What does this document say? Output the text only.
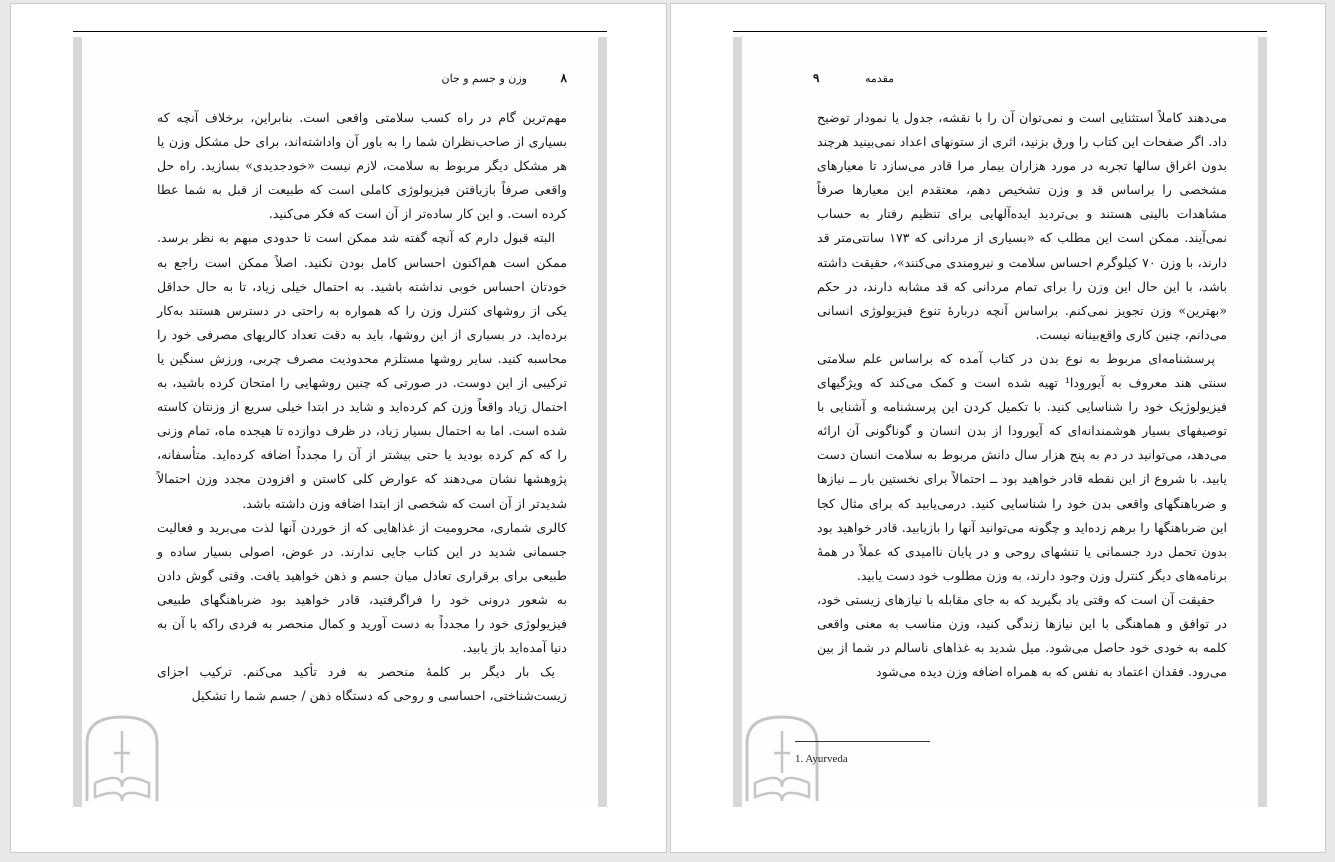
۸
وزن و جسم و جان

مهم‌ترین گام در راه کسب سلامتی واقعی است. بنابراین، برخلاف آنچه که بسیاری از صاحب‌نظران شما را به باور آن واداشته‌اند، برای حل مشکل وزن یا هر مشکل دیگر مربوط به سلامت، لازم نیست «خودجدیدی» بسازید. راه حل واقعی صرفاً بازیافتن فیزیولوژی کاملی است که طبیعت از قبل به شما عطا کرده است. و این کار ساده‌تر از آن است که فکر می‌کنید.

البته قبول دارم که آنچه گفته شد ممکن است تا حدودی مبهم به نظر برسد. ممکن است هم‌اکنون احساس کامل بودن نکنید. اصلاً ممکن است راجع به خودتان احساس خوبی نداشته باشید. به احتمال خیلی زیاد، تا به حال حداقل یکی از روشهای کنترل وزن را که همواره به راحتی در دسترس هستند به‌کار برده‌اید. در بسیاری از این روشها، باید به دقت تعداد کالریهای مصرفی خود را محاسبه کنید. سایر روشها مستلزم محدودیت مصرف چربی، ورزش سنگین یا ترکیبی از این دوست. در صورتی که چنین روشهایی را امتحان کرده باشید، به احتمال زیاد واقعاً وزن کم کرده‌اید و شاید در ابتدا خیلی سریع از وزنتان کاسته شده است. اما به احتمال بسیار زیاد، در ظرف دوازده تا هیجده ماه، تمام وزنی را که کم کرده بودید یا حتی بیشتر از آن را مجدداً اضافه کرده‌اید. متأسفانه، پژوهشها نشان می‌دهند که عوارض کلی کاستن و افزودن مجدد وزن احتمالاً شدیدتر از آن است که شخصی از ابتدا اضافه وزن داشته باشد.

کالری شماری، محرومیت از غذاهایی که از خوردن آنها لذت می‌برید و فعالیت جسمانی شدید در این کتاب جایی ندارند. در عوض، اصولی بسیار ساده و طبیعی برای برقراری تعادل میان جسم و ذهن خواهید یافت. وقتی گوش دادن به شعور درونی خود را فراگرفتید، قادر خواهید بود ضرباهنگهای طبیعی فیزیولوژی خود را مجدداً به دست آورید و کمال منحصر به فردی راکه با آن به دنیا آمده‌اید باز یابید.

یک بار دیگر بر کلمهٔ منحصر به فرد تأکید می‌کنم. ترکیب اجزای زیست‌شناختی، احساسی و روحی که دستگاه ذهن / جسم شما را تشکیل

۹	مقدمه

می‌دهند کاملاً استثنایی است و نمی‌توان آن را با نقشه، جدول یا نمودار توضیح داد. اگر صفحات این کتاب را ورق بزنید، اثری از ستونهای اعداد نمی‌بینید هرچند بدون اغراق سالها تجربه در مورد هزاران بیمار مرا قادر می‌سازد تا معیارهای مشخصی را براساس قد و وزن تشخیص دهم، معتقدم این معیارها صرفاً مشاهدات بالینی هستند و بی‌تردید ایده‌آلهایی برای تنظیم رفتار به حساب نمی‌آیند. ممکن است این مطلب که «بسیاری از مردانی که ۱۷۳ سانتی‌متر قد دارند، با وزن ۷۰ کیلوگرم احساس سلامت و نیرومندی می‌کنند»، حقیقت داشته باشد، با این حال این وزن را برای تمام مردانی که قد مشابه دارند، در حکم «بهترین» وزن تجویز نمی‌کنم. براساس آنچه دربارهٔ تنوع فیزیولوژی انسانی می‌دانم، چنین کاری واقع‌بینانه نیست.

پرسشنامه‌ای مربوط به نوع بدن در کتاب آمده که براساس علم سلامتی سنتی هند معروف به آیورودا¹ تهیه شده است و کمک می‌کند که ویژگیهای فیزیولوژیک خود را شناسایی کنید. با تکمیل کردن این پرسشنامه و آشنایی با توصیفهای بسیار هوشمندانه‌ای که آیورودا از بدن انسان و گوناگونی آن ارائه می‌دهد، می‌توانید در دم به پنج هزار سال دانش مربوط به سلامت انسان دست یابید. با شروع از این نقطه قادر خواهید بود ــ احتمالاً برای نخستین بار ــ نیازها و ضرباهنگهای واقعی بدن خود را شناسایی کنید. درمی‌یابید که برای مثال کجا این ضرباهنگها را برهم زده‌اید و چگونه می‌توانید آنها را بازیابید. قادر خواهید بود بدون تحمل درد جسمانی یا تنشهای روحی و در پایان ناامیدی که عملاً در همهٔ برنامه‌های دیگر کنترل وزن وجود دارند، به وزن مطلوب خود دست یابید.

حقیقت آن است که وقتی یاد بگیرید که به جای مقابله با نیازهای زیستی خود، در توافق و هماهنگی با این نیازها زندگی کنید، وزن مناسب به معنی واقعی کلمه به خودی خود حاصل می‌شود. میل شدید به غذاهای ناسالم در شما از بین می‌رود. فقدان اعتماد به نفس که به همراه اضافه وزن دیده می‌شود

1. Ayurveda
